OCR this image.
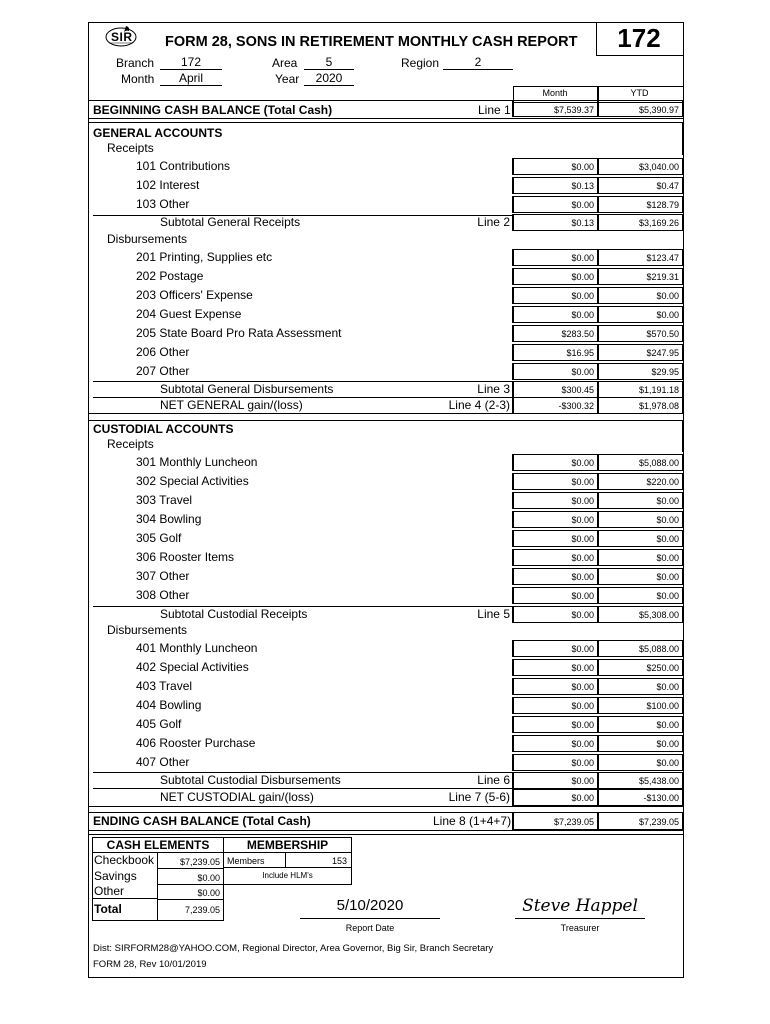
SIR FORM 28, SONS IN RETIREMENT MONTHLY CASH REPORT	172
Branch	172	Area	5	Region	2
Month	April	Year	2020
Month	YTD
BEGINNING CASH BALANCE (Total Cash)	Line 1	$7,539.37	$5,390.97
GENERAL ACCOUNTS
Receipts
101 Contributions	$0.00	$3,040.00
102 Interest	$0.13	$0.47
103 Other	$0.00	$128.79
Subtotal General Receipts	Line 2	$0.13	$3,169.26
Disbursements
201 Printing, Supplies etc	$0.00	$123.47
202 Postage	$0.00	$219.31
203 Officers' Expense	$0.00	$0.00
204 Guest Expense	$0.00	$0.00
205 State Board Pro Rata Assessment	$283.50	$570.50
206 Other	$16.95	$247.95
207 Other	$0.00	$29.95
Subtotal General Disbursements	Line 3	$300.45	$1,191.18
NET GENERAL gain/(loss)	Line 4 (2-3)	-$300.32	$1,978.08
CUSTODIAL ACCOUNTS
Receipts
301 Monthly Luncheon	$0.00	$5,088.00
302 Special Activities	$0.00	$220.00
303 Travel	$0.00	$0.00
304 Bowling	$0.00	$0.00
305 Golf	$0.00	$0.00
306 Rooster Items	$0.00	$0.00
307 Other	$0.00	$0.00
308 Other	$0.00	$0.00
Subtotal Custodial Receipts	Line 5	$0.00	$5,308.00
Disbursements
401 Monthly Luncheon	$0.00	$5,088.00
402 Special Activities	$0.00	$250.00
403 Travel	$0.00	$0.00
404 Bowling	$0.00	$100.00
405 Golf	$0.00	$0.00
406 Rooster Purchase	$0.00	$0.00
407 Other	$0.00	$0.00
Subtotal Custodial Disbursements	Line 6	$0.00	$5,438.00
NET CUSTODIAL gain/(loss)	Line 7 (5-6)	$0.00	-$130.00
ENDING CASH BALANCE (Total Cash)	Line 8 (1+4+7)	$7,239.05	$7,239.05
CASH ELEMENTS
Checkbook	$7,239.05
Savings	$0.00
Other	$0.00
Total	7,239.05
MEMBERSHIP
Members	153
Include HLM's
5/10/2020
Report Date
Steve Happel
Treasurer
Dist: SIRFORM28@YAHOO.COM, Regional Director, Area Governor, Big Sir, Branch Secretary
FORM 28, Rev 10/01/2019
